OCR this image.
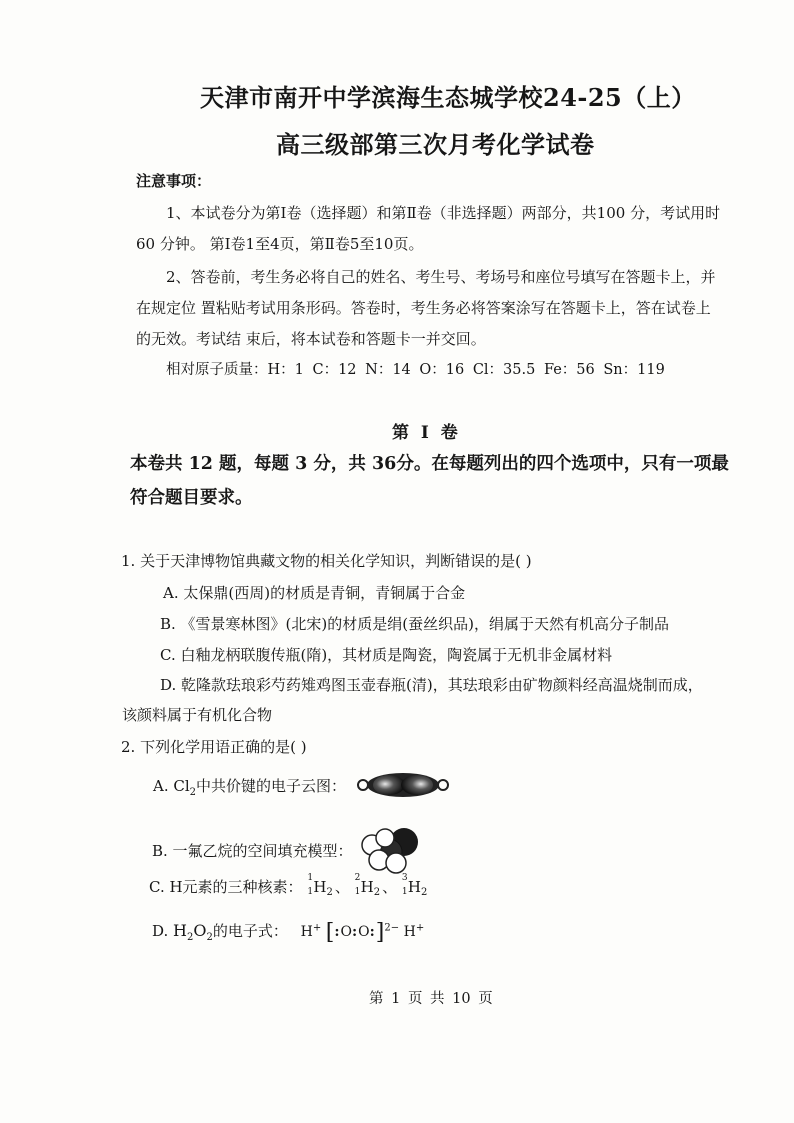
天津市南开中学滨海生态城学校24-25（上）
高三级部第三次月考化学试卷
注意事项：
1、本试卷分为第Ⅰ卷（选择题）和第Ⅱ卷（非选择题）两部分，共100 分，考试用时60 分钟。 第Ⅰ卷1至4页，第Ⅱ卷5至10页。
2、答卷前，考生务必将自己的姓名、考生号、考场号和座位号填写在答题卡上，并在规定位 置粘贴考试用条形码。答卷时，考生务必将答案涂写在答题卡上，答在试卷上的无效。考试结 束后，将本试卷和答题卡一并交回。
相对原子质量：H：1 C：12 N：14 O：16 Cl：35.5 Fe：56 Sn：119
第 I 卷
本卷共 12 题，每题 3 分，共 36分。在每题列出的四个选项中，只有一项最符合题目要求。
1. 关于天津博物馆典藏文物的相关化学知识，判断错误的是( )
A. 太保鼎(西周)的材质是青铜，青铜属于合金
B. 《雪景寒林图》(北宋)的材质是绢(蚕丝织品)，绢属于天然有机高分子制品
C. 白釉龙柄联腹传瓶(隋)，其材质是陶瓷，陶瓷属于无机非金属材料
D. 乾隆款珐琅彩芍药雉鸡图玉壶春瓶(清)，其珐琅彩由矿物颜料经高温烧制而成，
该颜料属于有机化合物
2. 下列化学用语正确的是( )
A. $Cl_2$中共价键的电子云图：
B. 一氟乙烷的空间填充模型：
C. H元素的三种核素： 1
1 $H_2$ 、 2
1 $H_2$ 、 3
1 $H_2$
D. $H_2O_2$的电子式： H+ [:O:O:]$^{2-}$ H+
第 1 页 共 10 页
